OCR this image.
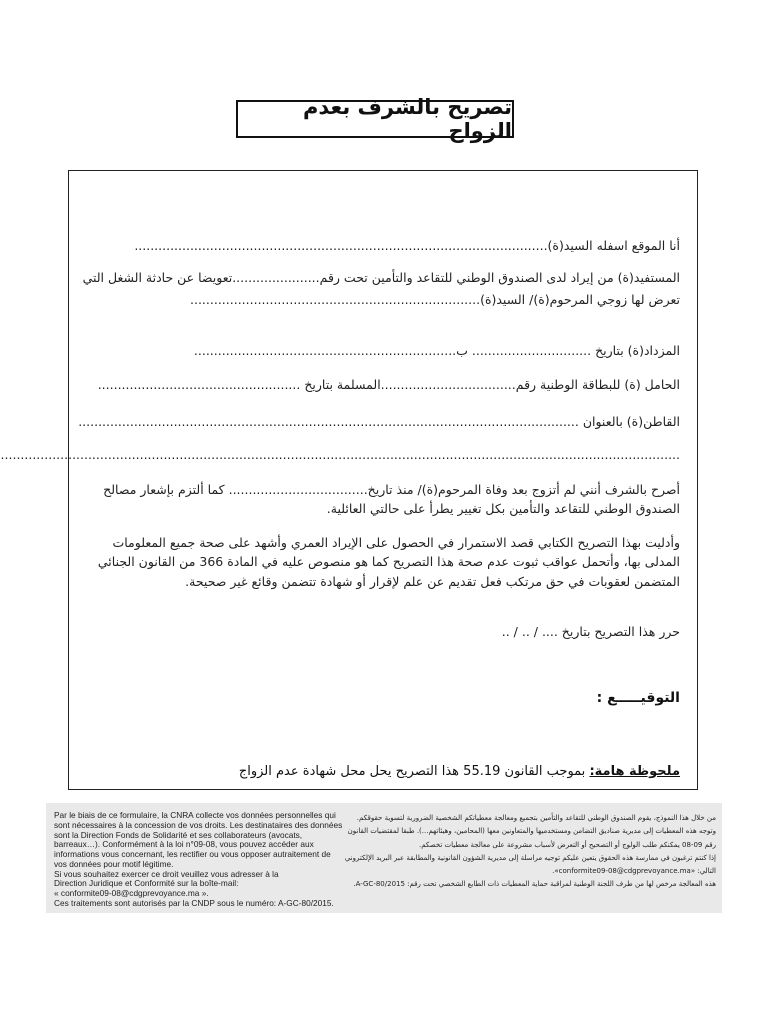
تصريح بالشرف بعدم الزواج
أنا الموقع اسفله السيد(ة)........................................................................................................
المستفيد(ة) من إيراد لدى الصندوق الوطني للتقاعد والتأمين تحت رقم......................تعويضا عن حادثة الشغل التي
تعرض لها زوجي المرحوم(ة)/ السيد(ة).........................................................................
المزداد(ة) بتاريخ .............................. ب..................................................................
الحامل (ة) للبطاقة الوطنية رقم..................................المسلمة بتاريخ ...................................................
القاطن(ة) بالعنوان ..............................................................................................................................
...........................................................................................................................................................................
أصرح بالشرف أنني لم أتزوج بعد وفاة المرحوم(ة)/ منذ تاريخ................................... كما ألتزم بإشعار مصالح الصندوق الوطني للتقاعد والتأمين بكل تغيير يطرأ على حالتي العائلية.
وأدليت بهذا التصريح الكتابي قصد الاستمرار في الحصول على الإيراد العمري وأشهد على صحة جميع المعلومات المدلى بها، وأتحمل عواقب ثبوت عدم صحة هذا التصريح كما هو منصوص عليه في المادة 366 من القانون الجنائي المتضمن لعقوبات في حق مرتكب فعل تقديم عن علم لإقرار أو شهادة تتضمن وقائع غير صحيحة.
حرر هذا التصريح بتاريخ .... / .. / ..
التوقيـــــع :
ملحوظة هامة: بموجب القانون 55.19 هذا التصريح يحل محل شهادة عدم الزواج
Par le biais de ce formulaire, la CNRA collecte vos données personnelles qui
sont nécessaires à la concession de vos droits. Les destinataires des données
sont la Direction Fonds de Solidarité et ses collaborateurs (avocats,
barreaux…). Conformément à la loi n°09-08, vous pouvez accéder aux
informations vous concernant, les rectifier ou vous opposer autraitement de
vos données pour motif légitime.
Si vous souhaitez exercer ce droit veuillez vous adresser à la
Direction Juridique et Conformité sur la boîte-mail:
« conformite09-08@cdgprevoyance.ma ».
Ces traitements sont autorisés par la CNDP sous le numéro: A-GC-80/2015.
من خلال هذا النموذج، يقوم الصندوق الوطني للتقاعد والتأمين بتجميع ومعالجة معطياتكم الشخصية الضرورية لتسوية حقوقكم.
وتوجه هذه المعطيات إلى مديرية صناديق التضامن ومستخدميها والمتعاونين معها (المحامين، وهيئاتهم...). طبقا لمقتضيات القانون
رقم 09-08 يمكنكم طلب الولوج أو التصحيح أو التعرض لأسباب مشروعة على معالجة معطيات تخصكم.
إذا كنتم ترغبون في ممارسة هذه الحقوق يتعين عليكم توجيه مراسلة إلى مديرية الشؤون القانونية والمطابقة عبر البريد الإلكتروني
التالي: «conformite09-08@cdgprevoyance.ma».
هذه المعالجة مرخص لها من طرف اللجنة الوطنية لمراقبة حماية المعطيات ذات الطابع الشخصي تحت رقم: A-GC-80/2015.
